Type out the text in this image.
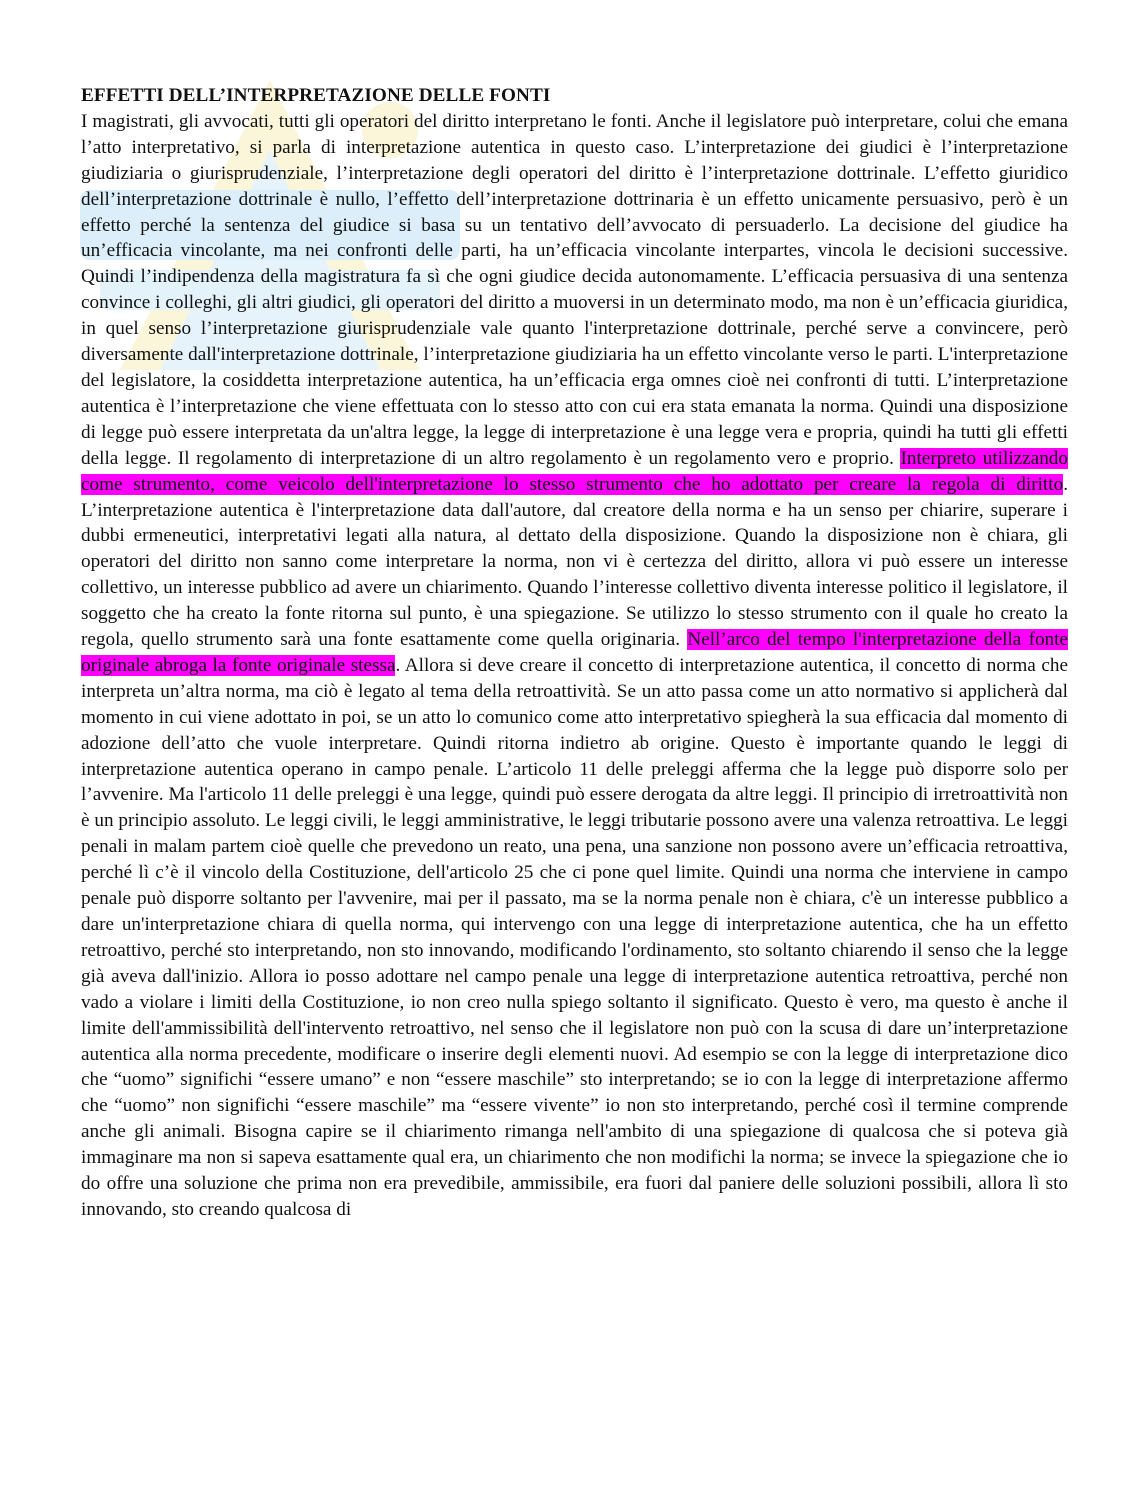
EFFETTI DELL’INTERPRETAZIONE DELLE FONTI

I magistrati, gli avvocati, tutti gli operatori del diritto interpretano le fonti. Anche il legislatore può interpretare, colui che emana l’atto interpretativo, si parla di interpretazione autentica in questo caso. L’interpretazione dei giudici è l’interpretazione giudiziaria o giurisprudenziale, l’interpretazione degli operatori del diritto è l’interpretazione dottrinale. L’effetto giuridico dell’interpretazione dottrinale è nullo, l’effetto dell’interpretazione dottrinaria è un effetto unicamente persuasivo, però è un effetto perché la sentenza del giudice si basa su un tentativo dell’avvocato di persuaderlo. La decisione del giudice ha un’efficacia vincolante, ma nei confronti delle parti, ha un’efficacia vincolante interpartes, vincola le decisioni successive. Quindi l’indipendenza della magistratura fa sì che ogni giudice decida autonomamente. L’efficacia persuasiva di una sentenza convince i colleghi, gli altri giudici, gli operatori del diritto a muoversi in un determinato modo, ma non è un’efficacia giuridica, in quel senso l’interpretazione giurisprudenziale vale quanto l'interpretazione dottrinale, perché serve a convincere, però diversamente dall'interpretazione dottrinale, l’interpretazione giudiziaria ha un effetto vincolante verso le parti. L'interpretazione del legislatore, la cosiddetta interpretazione autentica, ha un’efficacia erga omnes cioè nei confronti di tutti. L’interpretazione autentica è l’interpretazione che viene effettuata con lo stesso atto con cui era stata emanata la norma. Quindi una disposizione di legge può essere interpretata da un'altra legge, la legge di interpretazione è una legge vera e propria, quindi ha tutti gli effetti della legge. Il regolamento di interpretazione di un altro regolamento è un regolamento vero e proprio. Interpreto utilizzando come strumento, come veicolo dell'interpretazione lo stesso strumento che ho adottato per creare la regola di diritto. L’interpretazione autentica è l'interpretazione data dall'autore, dal creatore della norma e ha un senso per chiarire, superare i dubbi ermeneutici, interpretativi legati alla natura, al dettato della disposizione. Quando la disposizione non è chiara, gli operatori del diritto non sanno come interpretare la norma, non vi è certezza del diritto, allora vi può essere un interesse collettivo, un interesse pubblico ad avere un chiarimento. Quando l’interesse collettivo diventa interesse politico il legislatore, il soggetto che ha creato la fonte ritorna sul punto, è una spiegazione. Se utilizzo lo stesso strumento con il quale ho creato la regola, quello strumento sarà una fonte esattamente come quella originaria. Nell’arco del tempo l'interpretazione della fonte originale abroga la fonte originale stessa. Allora si deve creare il concetto di interpretazione autentica, il concetto di norma che interpreta un’altra norma, ma ciò è legato al tema della retroattività. Se un atto passa come un atto normativo si applicherà dal momento in cui viene adottato in poi, se un atto lo comunico come atto interpretativo spiegherà la sua efficacia dal momento di adozione dell’atto che vuole interpretare. Quindi ritorna indietro ab origine. Questo è importante quando le leggi di interpretazione autentica operano in campo penale. L’articolo 11 delle preleggi afferma che la legge può disporre solo per l’avvenire. Ma l'articolo 11 delle preleggi è una legge, quindi può essere derogata da altre leggi. Il principio di irretroattività non è un principio assoluto. Le leggi civili, le leggi amministrative, le leggi tributarie possono avere una valenza retroattiva. Le leggi penali in malam partem cioè quelle che prevedono un reato, una pena, una sanzione non possono avere un’efficacia retroattiva, perché lì c’è il vincolo della Costituzione, dell'articolo 25 che ci pone quel limite. Quindi una norma che interviene in campo penale può disporre soltanto per l'avvenire, mai per il passato, ma se la norma penale non è chiara, c'è un interesse pubblico a dare un'interpretazione chiara di quella norma, qui intervengo con una legge di interpretazione autentica, che ha un effetto retroattivo, perché sto interpretando, non sto innovando, modificando l'ordinamento, sto soltanto chiarendo il senso che la legge già aveva dall'inizio. Allora io posso adottare nel campo penale una legge di interpretazione autentica retroattiva, perché non vado a violare i limiti della Costituzione, io non creo nulla spiego soltanto il significato. Questo è vero, ma questo è anche il limite dell'ammissibilità dell'intervento retroattivo, nel senso che il legislatore non può con la scusa di dare un’interpretazione autentica alla norma precedente, modificare o inserire degli elementi nuovi. Ad esempio se con la legge di interpretazione dico che “uomo” significhi “essere umano” e non “essere maschile” sto interpretando; se io con la legge di interpretazione affermo che “uomo” non significhi “essere maschile” ma “essere vivente” io non sto interpretando, perché così il termine comprende anche gli animali. Bisogna capire se il chiarimento rimanga nell'ambito di una spiegazione di qualcosa che si poteva già immaginare ma non si sapeva esattamente qual era, un chiarimento che non modifichi la norma; se invece la spiegazione che io do offre una soluzione che prima non era prevedibile, ammissibile, era fuori dal paniere delle soluzioni possibili, allora lì sto innovando, sto creando qualcosa di
